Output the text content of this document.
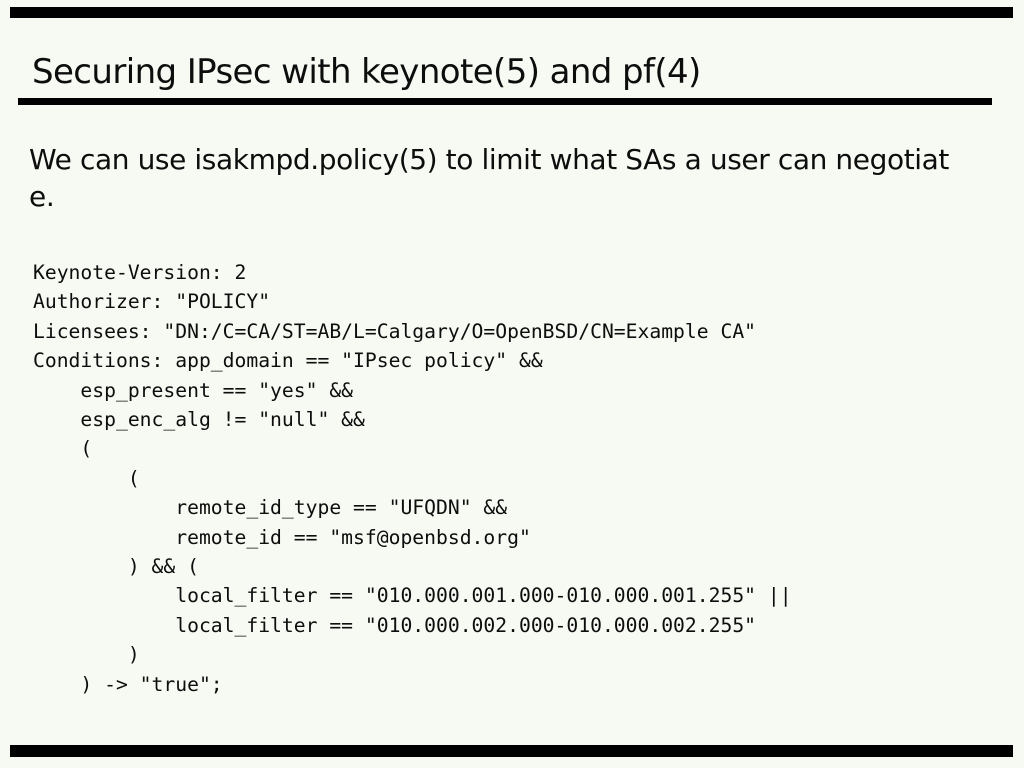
Securing IPsec with keynote(5) and pf(4)
We can use isakmpd.policy(5) to limit what SAs a user can negotiat
e.
Keynote-Version: 2
Authorizer: "POLICY"
Licensees: "DN:/C=CA/ST=AB/L=Calgary/O=OpenBSD/CN=Example CA"
Conditions: app_domain == "IPsec policy" &&
esp_present == "yes" &&
esp_enc_alg != "null" &&
(
(
remote_id_type == "UFQDN" &&
remote_id == "msf@openbsd.org"
) && (
local_filter == "010.000.001.000-010.000.001.255" ||
local_filter == "010.000.002.000-010.000.002.255"
)
) -> "true";
